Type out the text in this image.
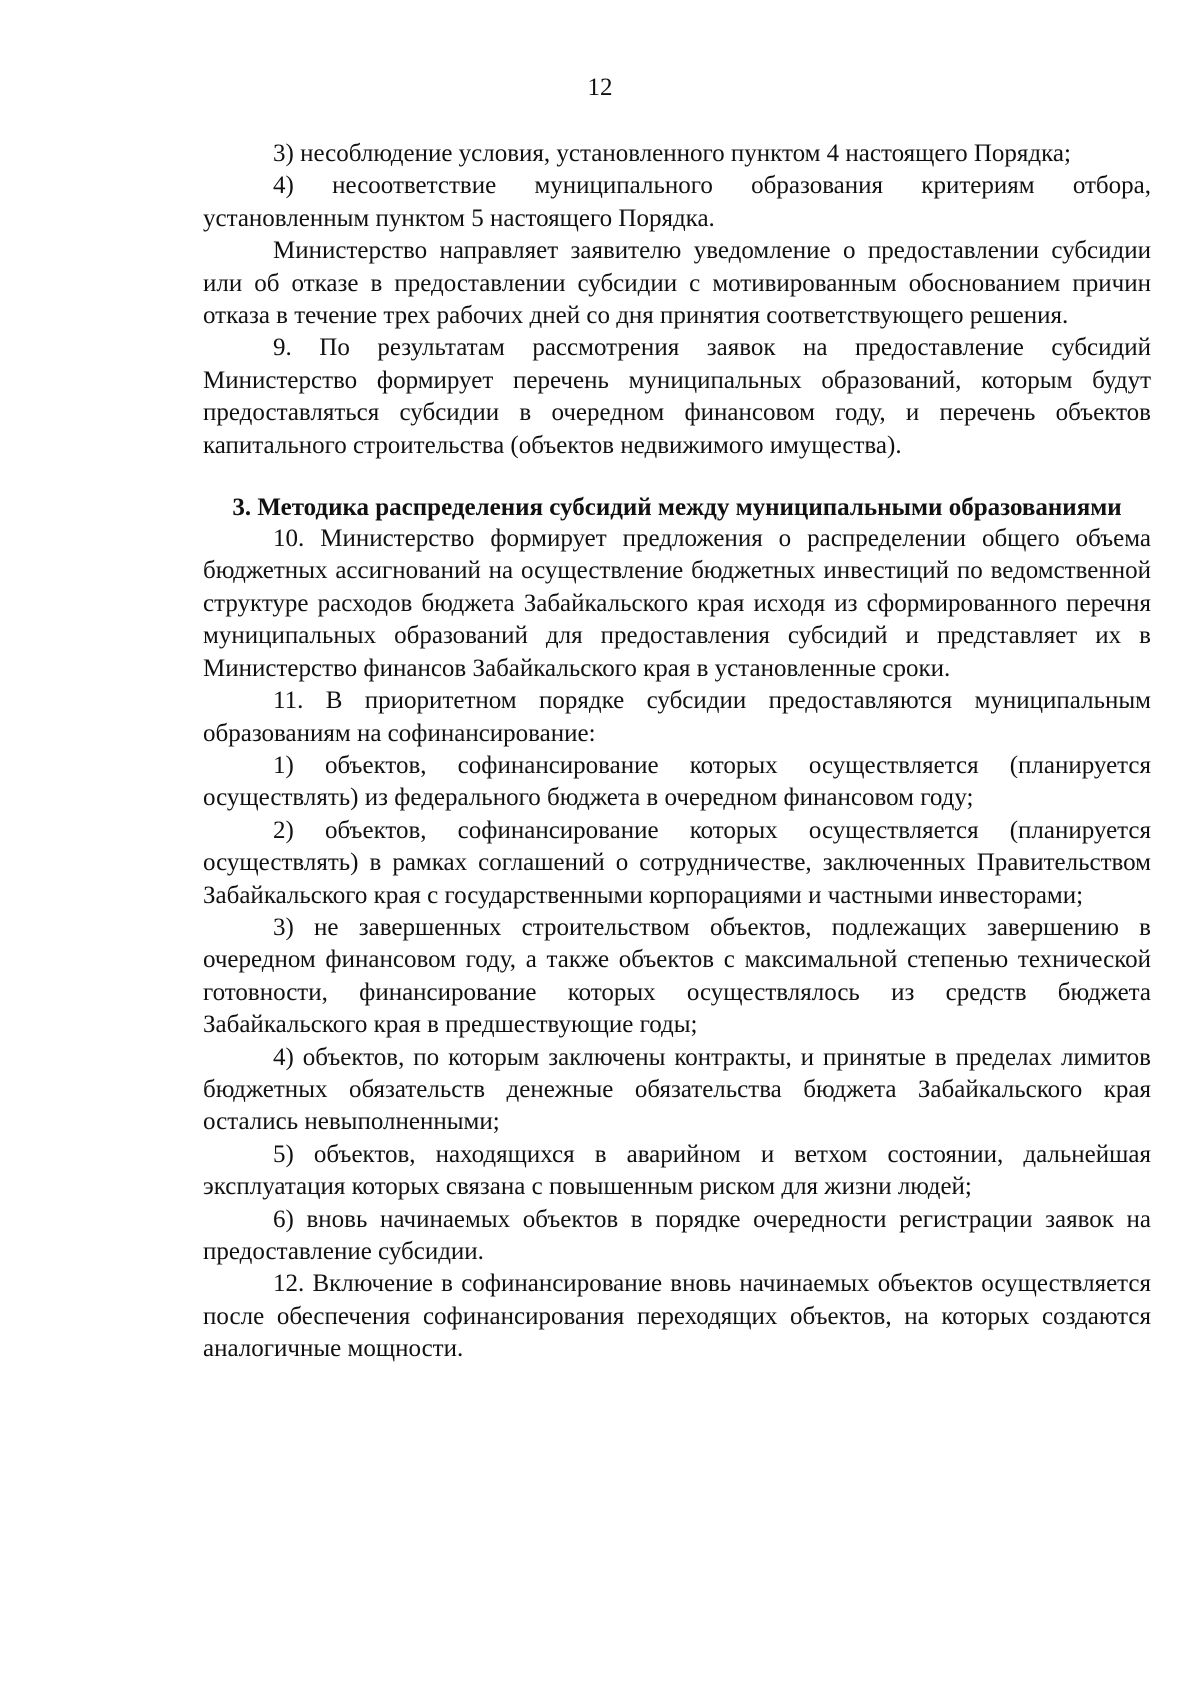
12

3) несоблюдение условия, установленного пунктом 4 настоящего Порядка;

4) несоответствие муниципального образования критериям отбора, установленным пунктом 5 настоящего Порядка.

Министерство направляет заявителю уведомление о предоставлении субсидии или об отказе в предоставлении субсидии с мотивированным обоснованием причин отказа в течение трех рабочих дней со дня принятия соответствующего решения.

9. По результатам рассмотрения заявок на предоставление субсидий Министерство формирует перечень муниципальных образований, которым будут предоставляться субсидии в очередном финансовом году, и перечень объектов капитального строительства (объектов недвижимого имущества).

3. Методика распределения субсидий между муниципальными образованиями

10. Министерство формирует предложения о распределении общего объема бюджетных ассигнований на осуществление бюджетных инвестиций по ведомственной структуре расходов бюджета Забайкальского края исходя из сформированного перечня муниципальных образований для предоставления субсидий и представляет их в Министерство финансов Забайкальского края в установленные сроки.

11. В приоритетном порядке субсидии предоставляются муниципальным образованиям на софинансирование:

1) объектов, софинансирование которых осуществляется (планируется осуществлять) из федерального бюджета в очередном финансовом году;

2) объектов, софинансирование которых осуществляется (планируется осуществлять) в рамках соглашений о сотрудничестве, заключенных Правительством Забайкальского края с государственными корпорациями и частными инвесторами;

3) не завершенных строительством объектов, подлежащих завершению в очередном финансовом году, а также объектов с максимальной степенью технической готовности, финансирование которых осуществлялось из средств бюджета Забайкальского края в предшествующие годы;

4) объектов, по которым заключены контракты, и принятые в пределах лимитов бюджетных обязательств денежные обязательства бюджета Забайкальского края остались невыполненными;

5) объектов, находящихся в аварийном и ветхом состоянии, дальнейшая эксплуатация которых связана с повышенным риском для жизни людей;

6) вновь начинаемых объектов в порядке очередности регистрации заявок на предоставление субсидии.

12. Включение в софинансирование вновь начинаемых объектов осуществляется после обеспечения софинансирования переходящих объектов, на которых создаются аналогичные мощности.
